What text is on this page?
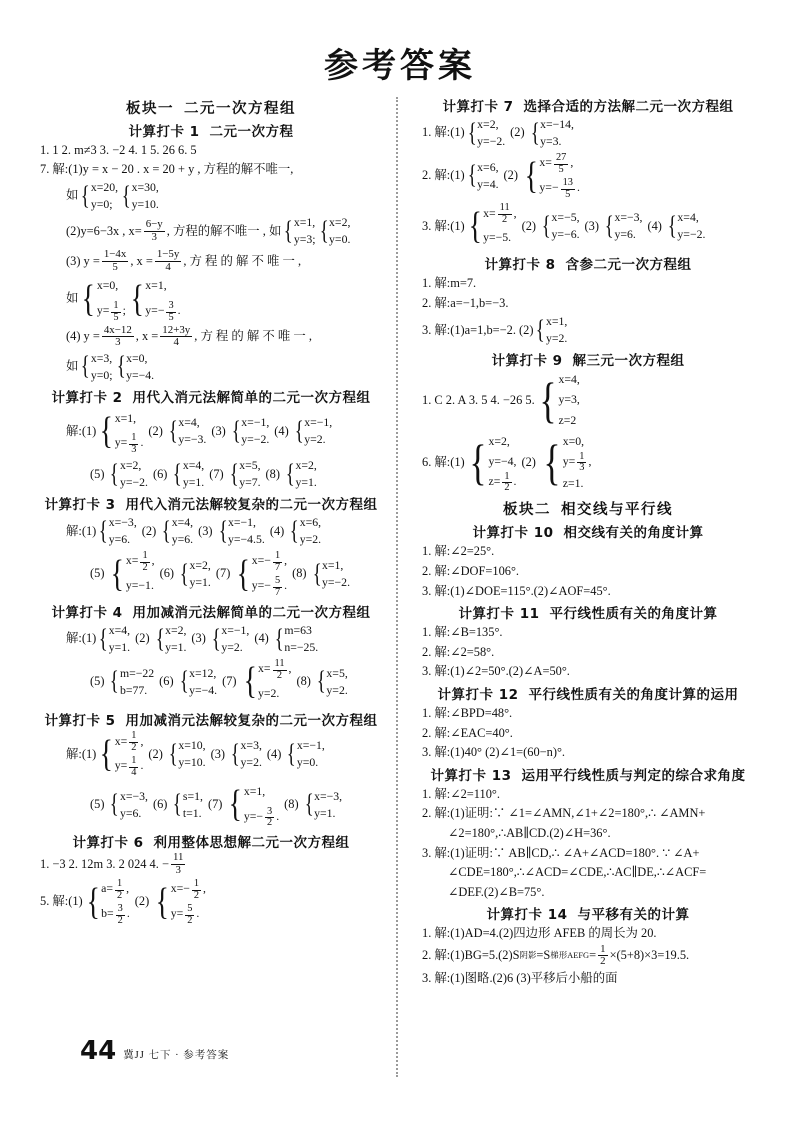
参考答案
板块一 二元一次方程组
计算打卡 1 二元一次方程
1. 1 2. m≠3 3. −2 4. 1 5. 26 6. 5
7. 解:(1) y = x − 20 . x = 20 + y , 方程的解不唯一,
如 { x=20,
y=0; { x=30,
y=10.
(2)y=6−3x , $x= \frac{6-y}{3}$ , 方程的解不唯一 , 如 { x=1,
y=3; { x=2,
y=0.
(3) $y = \frac{1-4x}{5}$ , $x = \frac{1-5y}{4}$ , 方 程 的 解 不 唯 一 ,
如 { x=0,
$y= \frac{1}{5}$ ; { x=1,
$y=- \frac{3}{5}$ .
(4) $y = \frac{4x-12}{3}$ , $x = \frac{12+3y}{4}$ , 方 程 的 解 不 唯 一 ,
如 { x=3,
y=0; { x=0,
y=−4.
计算打卡 2 用代入消元法解简单的二元一次方程组
解:(1) { x=1,
$y= \frac{1}{3}$ .
(2) { x=4,
y=−3.
(3) { x=−1,
y=−2.
(4) { x=−1,
y=2.
(5) { x=2,
y=−2.
(6) { x=4,
y=1.
(7) { x=5,
y=7.
(8) { x=2,
y=1.
计算打卡 3 用代入消元法解较复杂的二元一次方程组
解:(1) { x=−3,
y=6.
(2) { x=4,
y=6.
(3) { x=−1,
y=−4.5.
(4) { x=6,
y=2.
(5) { $x= \frac{1}{2}$ ,
y=−1.
(6) { x=2,
y=1.
(7) { $x=- \frac{1}{7}$ ,
$y=- \frac{5}{7}$ .
(8) { x=1,
y=−2.
计算打卡 4 用加减消元法解简单的二元一次方程组
解:(1) { x=4,
y=1.
(2) { x=2,
y=1.
(3) { x=−1,
y=2.
(4) { m=63
n=−25.
(5) { m=−22
b=77.
(6) { x=12,
y=−4.
(7) { $x= \frac{11}{2}$ ,
y=2.
(8) { x=5,
y=2.
计算打卡 5 用加减消元法解较复杂的二元一次方程组
解:(1) { $x= \frac{1}{2}$ ,
$y= \frac{1}{4}$ .
(2) { x=10,
y=10.
(3) { x=3,
y=2.
(4) { x=−1,
y=0.
(5) { x=−3,
y=6.
(6) { s=1,
t=1.
(7) { x=1,
$y=- \frac{3}{2}$ .
(8) { x=−3,
y=1.
计算打卡 6 利用整体思想解二元一次方程组
1. −3 2. 12m 3. 2 024 4. − $\frac{11}{3}$
5. 解:(1) { $a= \frac{1}{2}$ ,
$b= \frac{3}{2}$ .
(2) { $x=- \frac{1}{2}$ ,
$y= \frac{5}{2}$ .
44 冀JJ 七下 · 参考答案
计算打卡 7 选择合适的方法解二元一次方程组
1. 解:(1) { x=2,
y=−2.
(2) { x=−14,
y=3.
2. 解:(1) { x=6,
y=4.
(2) { $x= \frac{27}{5}$ ,
$y=- \frac{13}{5}$ .
3. 解:(1) { $x= \frac{11}{2}$ ,
y=−5.
(2) { x=−5,
y=−6.
(3) { x=−3,
y=6.
(4) { x=4,
y=−2.
计算打卡 8 含参二元一次方程组
1. 解:m=7.
2. 解:a=−1,b=−3.
3. 解:(1)a=1,b=−2. (2) { x=1,
y=2.
计算打卡 9 解三元一次方程组
1. C 2. A 3. 5 4. −26 5. { x=4,
y=3,
z=2
6. 解:(1) { x=2,
y=−4,
$z= \frac{1}{2}$ .
(2) { x=0,
$y= \frac{1}{3}$ ,
z=1.
板块二 相交线与平行线
计算打卡 10 相交线有关的角度计算
1. 解:∠2=25°.
2. 解:∠DOF=106°.
3. 解:(1)∠DOE=115°.(2)∠AOF=45°.
计算打卡 11 平行线性质有关的角度计算
1. 解:∠B=135°.
2. 解:∠2=58°.
3. 解:(1)∠2=50°.(2)∠A=50°.
计算打卡 12 平行线性质有关的角度计算的运用
1. 解:∠BPD=48°.
2. 解:∠EAC=40°.
3. 解:(1)40° (2)∠1=(60−n)°.
计算打卡 13 运用平行线性质与判定的综合求角度
1. 解:∠2=110°.
2. 解:(1)证明:∵ ∠1=∠AMN,∠1+∠2=180°,∴ ∠AMN+
∠2=180°,∴AB∥CD.(2)∠H=36°.
3. 解:(1)证明:∵ AB∥CD,∴ ∠A+∠ACD=180°. ∵ ∠A+
∠CDE=180°,∴∠ACD=∠CDE,∴AC∥DE,∴∠ACF=
∠DEF.(2)∠B=75°.
计算打卡 14 与平移有关的计算
1. 解:(1)AD=4.(2)四边形 AFEB 的周长为 20.
2. 解:(1)BG=5.(2)S 阴影 =S 梯形AEFG = $\frac{1}{2} \times(5+8)\times 3=19.5$.
3. 解:(1)图略.(2)6 (3)平移后小船的面
